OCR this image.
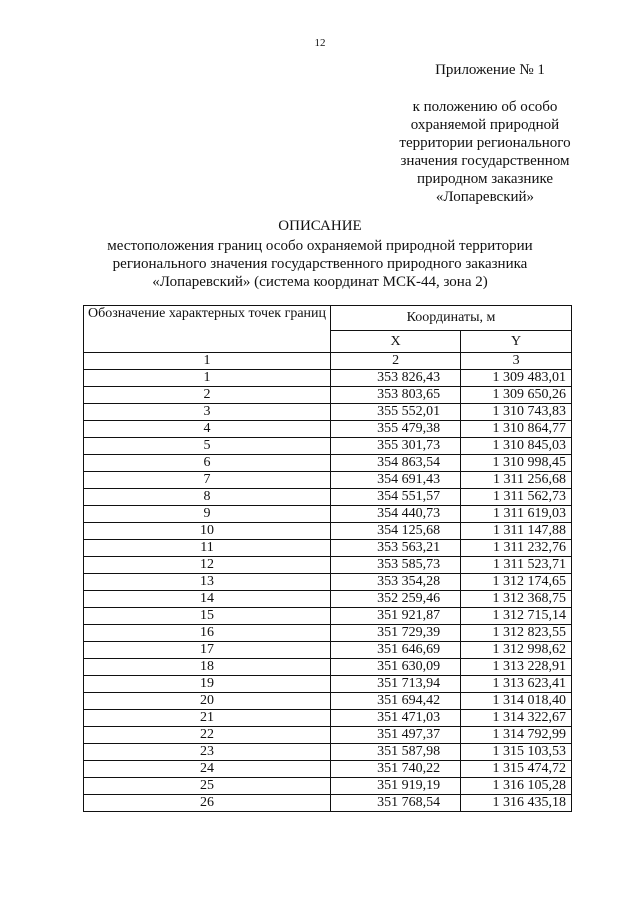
12
Приложение № 1
к положению об особо
охраняемой природной
территории регионального
значения государственном
природном заказнике
«Лопаревский»
ОПИСАНИЕ
местоположения границ особо охраняемой природной территории
регионального значения государственного природного заказника
«Лопаревский» (система координат МСК-44, зона 2)
Обозначение характерных точек границ	Координаты, м	
	X	Y
1	2	3
1	353 826,43	1 309 483,01
2	353 803,65	1 309 650,26
3	355 552,01	1 310 743,83
4	355 479,38	1 310 864,77
5	355 301,73	1 310 845,03
6	354 863,54	1 310 998,45
7	354 691,43	1 311 256,68
8	354 551,57	1 311 562,73
9	354 440,73	1 311 619,03
10	354 125,68	1 311 147,88
11	353 563,21	1 311 232,76
12	353 585,73	1 311 523,71
13	353 354,28	1 312 174,65
14	352 259,46	1 312 368,75
15	351 921,87	1 312 715,14
16	351 729,39	1 312 823,55
17	351 646,69	1 312 998,62
18	351 630,09	1 313 228,91
19	351 713,94	1 313 623,41
20	351 694,42	1 314 018,40
21	351 471,03	1 314 322,67
22	351 497,37	1 314 792,99
23	351 587,98	1 315 103,53
24	351 740,22	1 315 474,72
25	351 919,19	1 316 105,28
26	351 768,54	1 316 435,18
